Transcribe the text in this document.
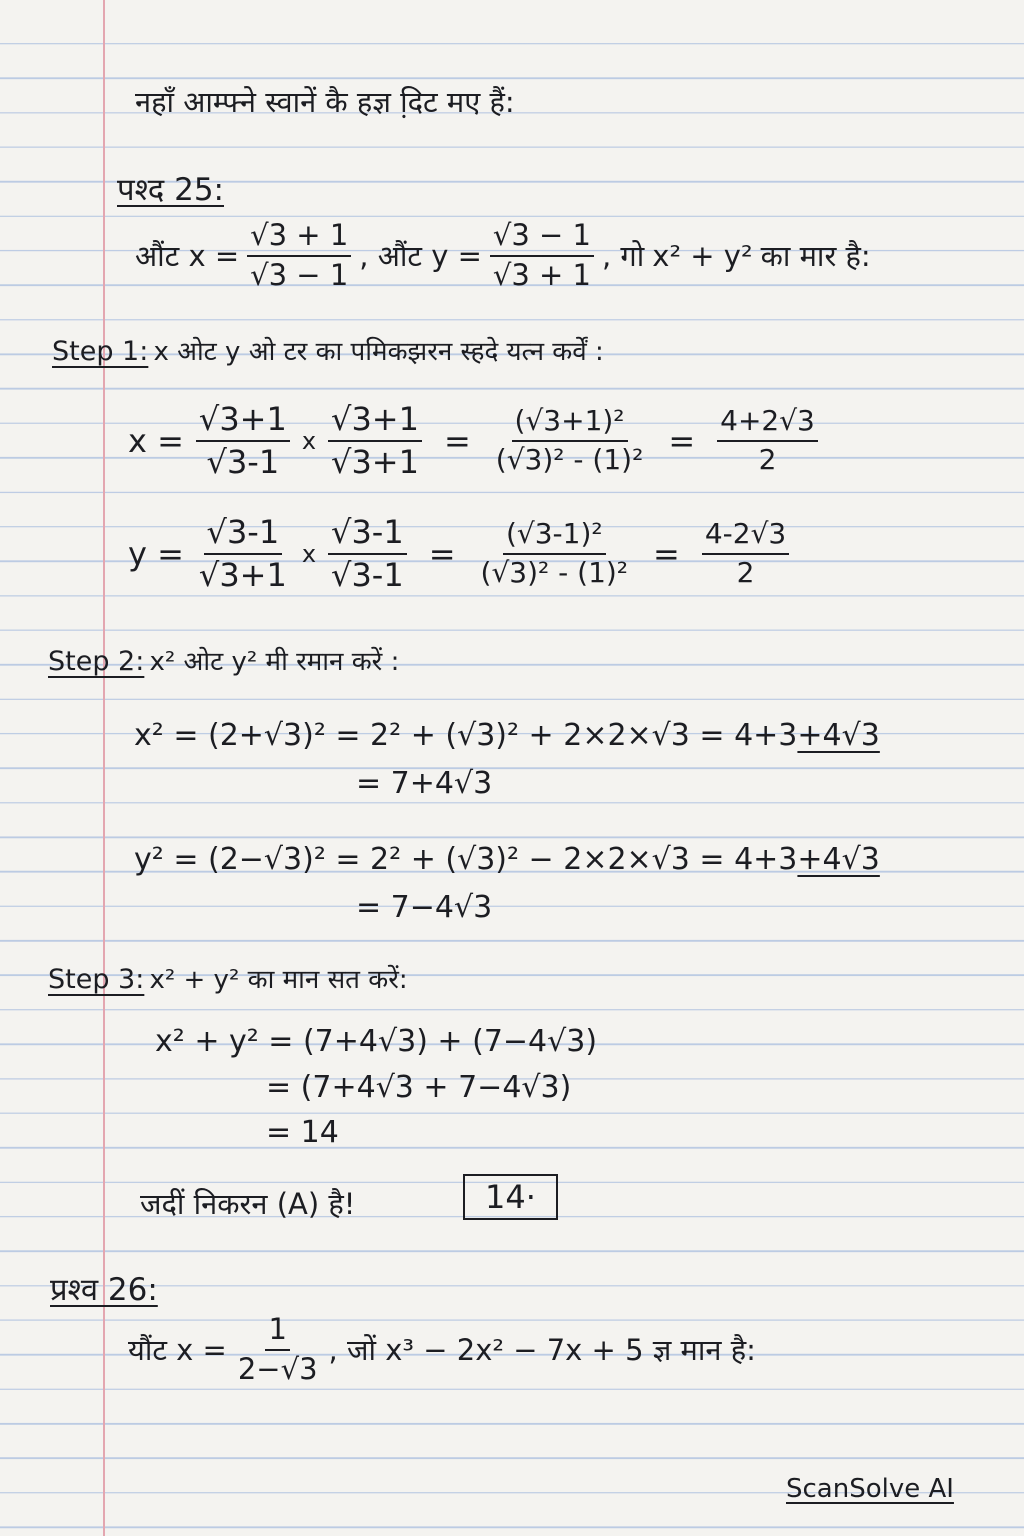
नहाँ आम्फ्ने स्वानें कै हज्ञ दि़ट मए हैं:
पश्द 25:
औंट $x = \frac{√3 + 1}{√3 - 1}$ , औंट $y = \frac{√3 - 1}{√3 + 1}$ , गो x² + y² का मार है:
Step 1: x ओट y ओ टर का पमिकझरन स्हदे यत्न कर्वें :
$x = \frac{√3+1}{√3-1}$ x $\frac{√3+1}{√3+1} = \frac{\text{(√3+1)²}}{\text{(√3)² - (1)²}} = \frac{4+2√3}{2}$
$y = \frac{√3-1}{√3+1}$ x $\frac{√3-1}{√3-1} = \frac{\text{(√3-1)²}}{\text{(√3)² - (1)²}} = \frac{4-2√3}{2}$
Step 2: x² ओट y² मी रमान करें :
x² = (2+√3)² = 2² + (√3)² + 2×2×√3 = 4+3+4√3
= 7+4√3
y² = (2−√3)² = 2² + (√3)² − 2×2×√3 = 4+3+4√3
= 7−4√3
Step 3: x² + y² का मान सत करें:
x² + y² = (7+4√3) + (7−4√3)
= (7+4√3 + 7−4√3)
= 14
जदीं निकरन (A) है!	14·
प्रश्व 26:
यौंट $x = \frac{1}{2-√3}$ , जों x³ − 2x² − 7x + 5 ज्ञ मान है:
ScanSolve AI
